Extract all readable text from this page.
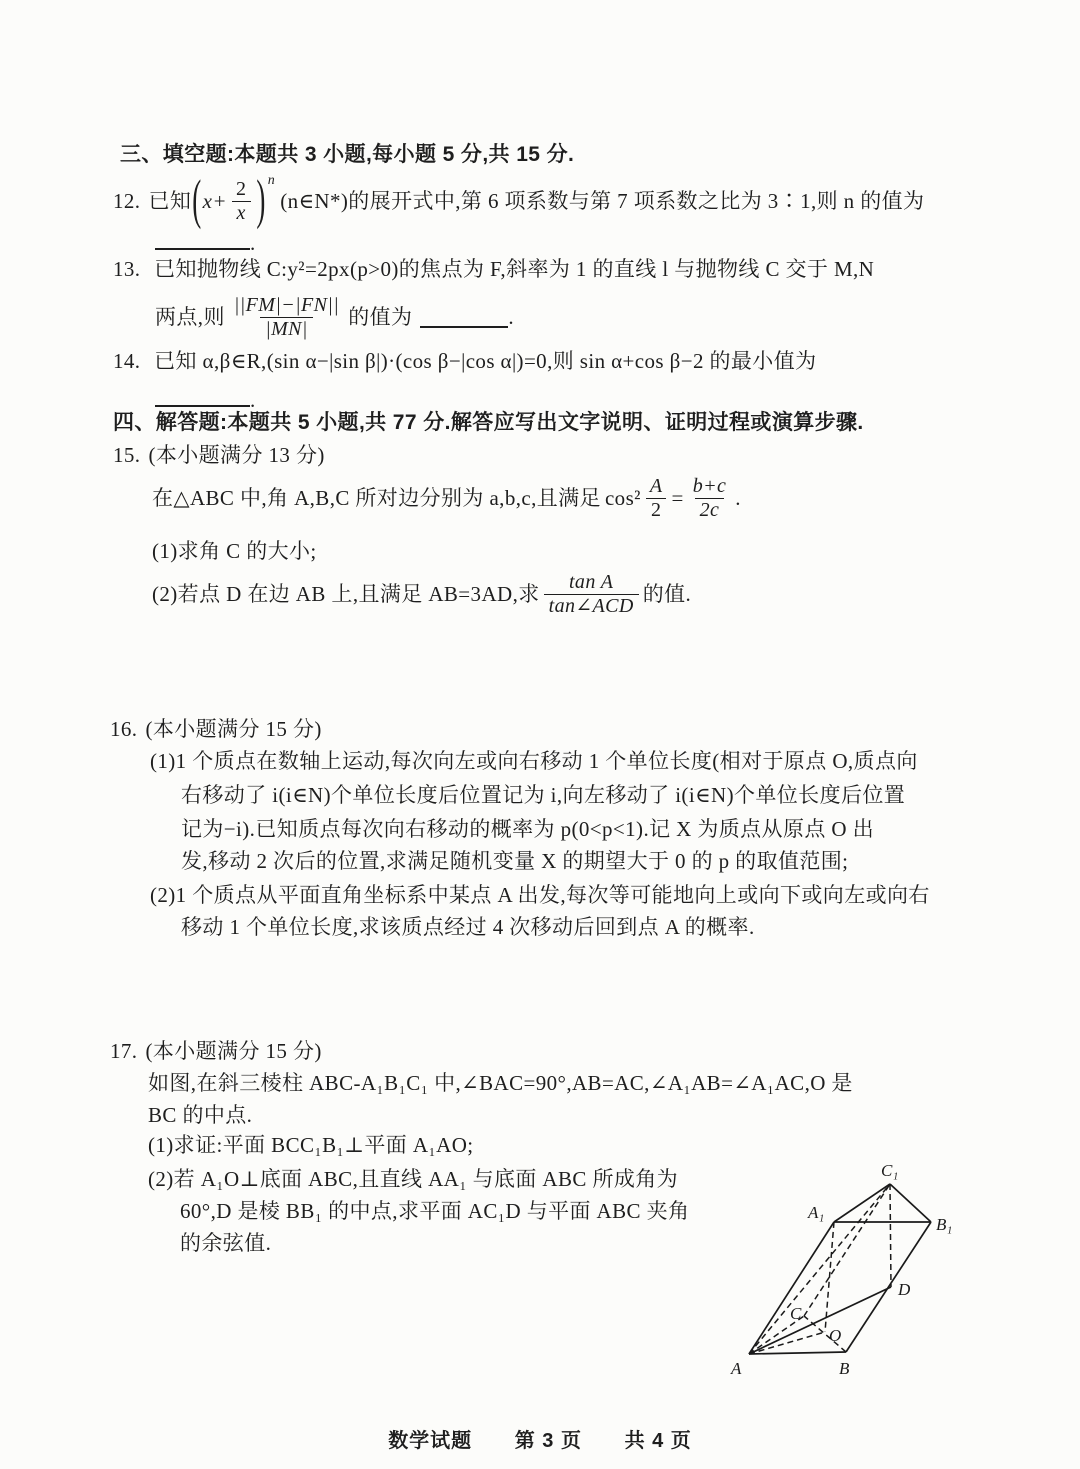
三、填空题:本题共 3 小题,每小题 5 分,共 15 分.
12. 已知 ( $x+ \frac{2}{x}$ ) n
(n∈N*)的展开式中,第 6 项系数与第 7 项系数之比为 3∶1,则 n 的值为
.
13. 已知抛物线 C:y²=2px(p>0)的焦点为 F,斜率为 1 的直线 l 与抛物线 C 交于 M,N
两点,则 $\frac{||FM|-|FN||}{|MN|}$ 的值为	.
14. 已知 α,β∈R,(sin α−|sin β|)·(cos β−|cos α|)=0,则 sin α+cos β−2 的最小值为
.
四、解答题:本题共 5 小题,共 77 分.解答应写出文字说明、证明过程或演算步骤.
15. (本小题满分 13 分)
在△ABC 中,角 A,B,C 所对边分别为 a,b,c,且满足 $\cos^2 \frac{A}{2} = \frac{b+c}{2c}$ .
(1)求角 C 的大小;
(2)若点 D 在边 AB 上,且满足 AB=3AD,求 $\frac{\text{tan A}}{\text{tan∠ACD}}$ 的值.
16. (本小题满分 15 分)
(1)1 个质点在数轴上运动,每次向左或向右移动 1 个单位长度(相对于原点 O,质点向
右移动了 i(i∈N)个单位长度后位置记为 i,向左移动了 i(i∈N)个单位长度后位置
记为−i).已知质点每次向右移动的概率为 p(0<p<1).记 X 为质点从原点 O 出
发,移动 2 次后的位置,求满足随机变量 X 的期望大于 0 的 p 的取值范围;
(2)1 个质点从平面直角坐标系中某点 A 出发,每次等可能地向上或向下或向左或向右
移动 1 个单位长度,求该质点经过 4 次移动后回到点 A 的概率.
17. (本小题满分 15 分)
如图,在斜三棱柱 ABC-A₁B₁C₁ 中,∠BAC=90°,AB=AC,∠A₁AB=∠A₁AC,O 是
BC 的中点.
(1)求证:平面 BCC₁B₁⊥平面 A₁AO;
(2)若 A₁O⊥底面 ABC,且直线 AA₁ 与底面 ABC 所成角为
60°,D 是棱 BB₁ 的中点,求平面 AC₁D 与平面 ABC 夹角
的余弦值.
A	B
C
O
D
A₁
B₁
C₁
数学试题 第 3 页 共 4 页
